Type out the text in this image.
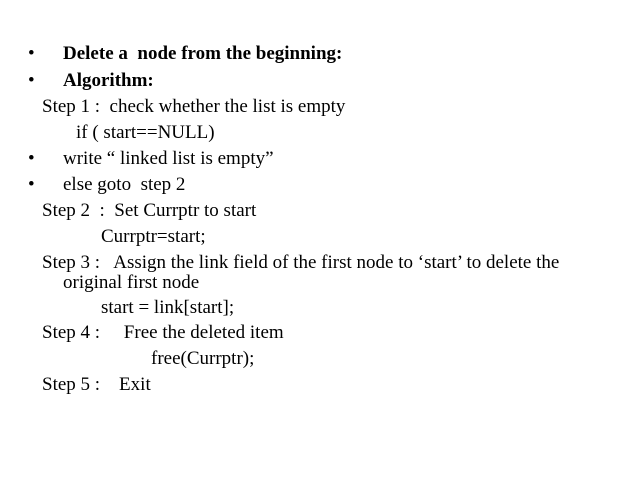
• Delete a  node from the beginning:
• Algorithm:
Step 1 :  check whether the list is empty
if ( start==NULL)
• write “ linked list is empty”
• else goto  step 2
Step 2  :  Set Currptr to start
Currptr=start;
Step 3 :   Assign the link field of the first node to ‘start’ to delete the
original first node
start = link[start];
Step 4 :     Free the deleted item
free(Currptr);
Step 5 :    Exit
